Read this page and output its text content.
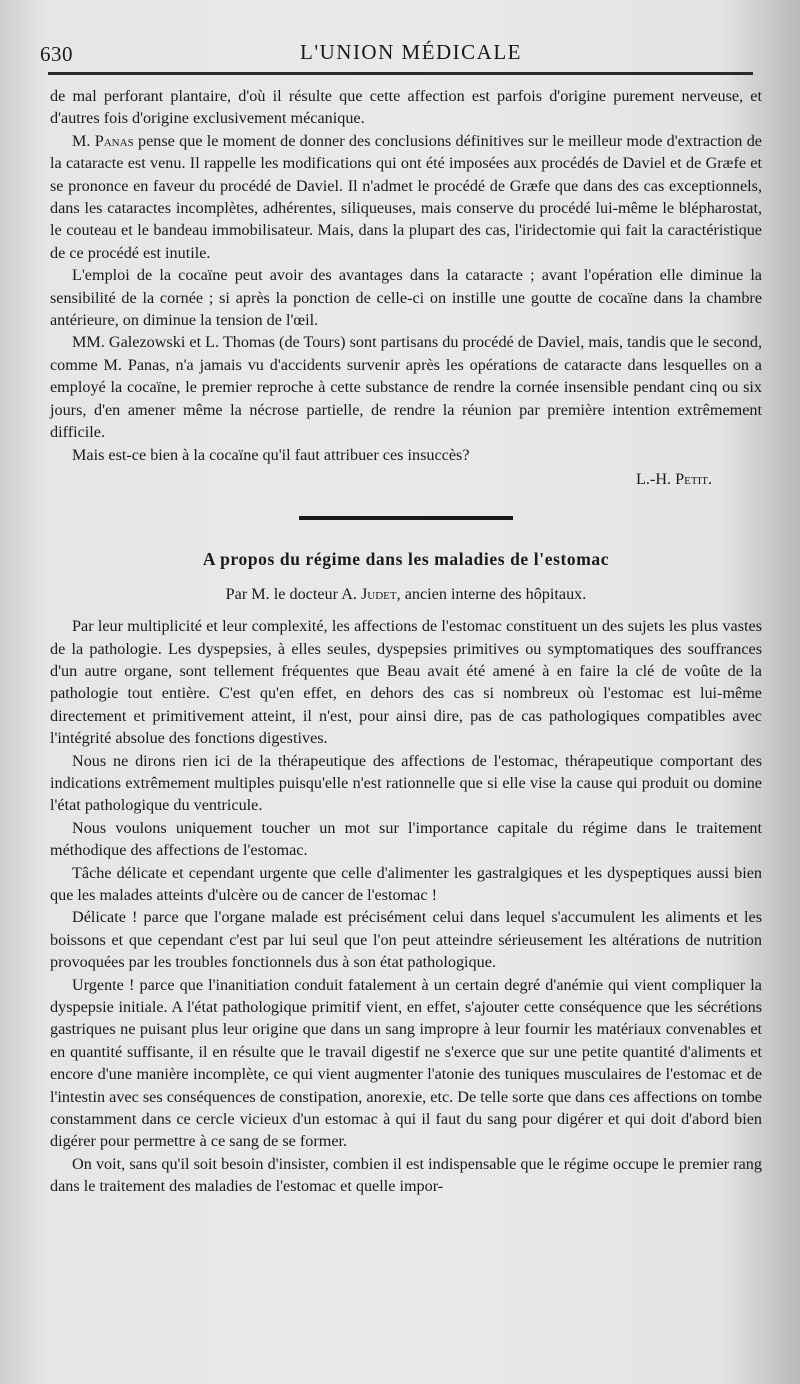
630	L'UNION MÉDICALE

de mal perforant plantaire, d'où il résulte que cette affection est parfois d'origine purement nerveuse, et d'autres fois d'origine exclusivement mécanique.

M. Panas pense que le moment de donner des conclusions définitives sur le meilleur mode d'extraction de la cataracte est venu. Il rappelle les modifications qui ont été imposées aux procédés de Daviel et de Græfe et se prononce en faveur du procédé de Daviel. Il n'admet le procédé de Græfe que dans des cas exceptionnels, dans les cataractes incomplètes, adhérentes, siliqueuses, mais conserve du procédé lui-même le blépharostat, le couteau et le bandeau immobilisateur. Mais, dans la plupart des cas, l'iridectomie qui fait la caractéristique de ce procédé est inutile.

L'emploi de la cocaïne peut avoir des avantages dans la cataracte ; avant l'opération elle diminue la sensibilité de la cornée ; si après la ponction de celle-ci on instille une goutte de cocaïne dans la chambre antérieure, on diminue la tension de l'œil.

MM. Galezowski et L. Thomas (de Tours) sont partisans du procédé de Daviel, mais, tandis que le second, comme M. Panas, n'a jamais vu d'accidents survenir après les opérations de cataracte dans lesquelles on a employé la cocaïne, le premier reproche à cette substance de rendre la cornée insensible pendant cinq ou six jours, d'en amener même la nécrose partielle, de rendre la réunion par première intention extrêmement difficile.

Mais est-ce bien à la cocaïne qu'il faut attribuer ces insuccès?

L.-H. Petit.

A propos du régime dans les maladies de l'estomac

Par M. le docteur A. Judet, ancien interne des hôpitaux.

Par leur multiplicité et leur complexité, les affections de l'estomac constituent un des sujets les plus vastes de la pathologie. Les dyspepsies, à elles seules, dyspepsies primitives ou symptomatiques des souffrances d'un autre organe, sont tellement fréquentes que Beau avait été amené à en faire la clé de voûte de la pathologie tout entière. C'est qu'en effet, en dehors des cas si nombreux où l'estomac est lui-même directement et primitivement atteint, il n'est, pour ainsi dire, pas de cas pathologiques compatibles avec l'intégrité absolue des fonctions digestives.

Nous ne dirons rien ici de la thérapeutique des affections de l'estomac, thérapeutique comportant des indications extrêmement multiples puisqu'elle n'est rationnelle que si elle vise la cause qui produit ou domine l'état pathologique du ventricule.

Nous voulons uniquement toucher un mot sur l'importance capitale du régime dans le traitement méthodique des affections de l'estomac.

Tâche délicate et cependant urgente que celle d'alimenter les gastralgiques et les dyspeptiques aussi bien que les malades atteints d'ulcère ou de cancer de l'estomac !

Délicate ! parce que l'organe malade est précisément celui dans lequel s'accumulent les aliments et les boissons et que cependant c'est par lui seul que l'on peut atteindre sérieusement les altérations de nutrition provoquées par les troubles fonctionnels dus à son état pathologique.

Urgente ! parce que l'inanitiation conduit fatalement à un certain degré d'anémie qui vient compliquer la dyspepsie initiale. A l'état pathologique primitif vient, en effet, s'ajouter cette conséquence que les sécrétions gastriques ne puisant plus leur origine que dans un sang impropre à leur fournir les matériaux convenables et en quantité suffisante, il en résulte que le travail digestif ne s'exerce que sur une petite quantité d'aliments et encore d'une manière incomplète, ce qui vient augmenter l'atonie des tuniques musculaires de l'estomac et de l'intestin avec ses conséquences de constipation, anorexie, etc. De telle sorte que dans ces affections on tombe constamment dans ce cercle vicieux d'un estomac à qui il faut du sang pour digérer et qui doit d'abord bien digérer pour permettre à ce sang de se former.

On voit, sans qu'il soit besoin d'insister, combien il est indispensable que le régime occupe le premier rang dans le traitement des maladies de l'estomac et quelle impor-
